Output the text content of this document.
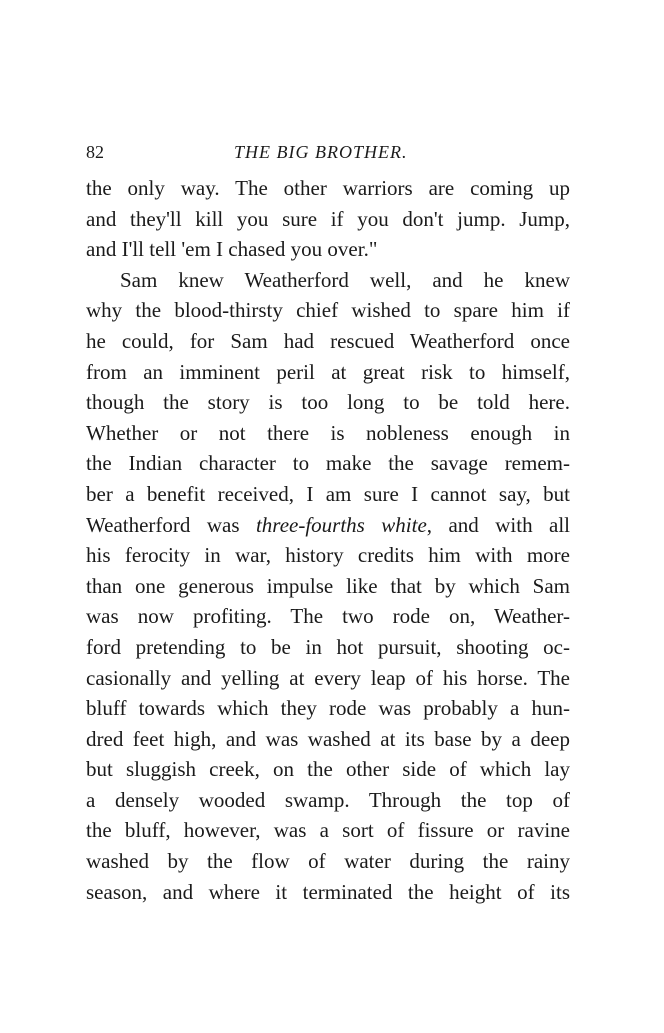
82	THE BIG BROTHER.
the only way. The other warriors are coming up
and they'll kill you sure if you don't jump. Jump,
and I'll tell 'em I chased you over."
Sam knew Weatherford well, and he knew
why the blood-thirsty chief wished to spare him if
he could, for Sam had rescued Weatherford once
from an imminent peril at great risk to himself,
though the story is too long to be told here.
Whether or not there is nobleness enough in
the Indian character to make the savage remem-
ber a benefit received, I am sure I cannot say, but
Weatherford was three-fourths white, and with all
his ferocity in war, history credits him with more
than one generous impulse like that by which Sam
was now profiting. The two rode on, Weather-
ford pretending to be in hot pursuit, shooting oc-
casionally and yelling at every leap of his horse. The
bluff towards which they rode was probably a hun-
dred feet high, and was washed at its base by a deep
but sluggish creek, on the other side of which lay
a densely wooded swamp. Through the top of
the bluff, however, was a sort of fissure or ravine
washed by the flow of water during the rainy
season, and where it terminated the height of its
